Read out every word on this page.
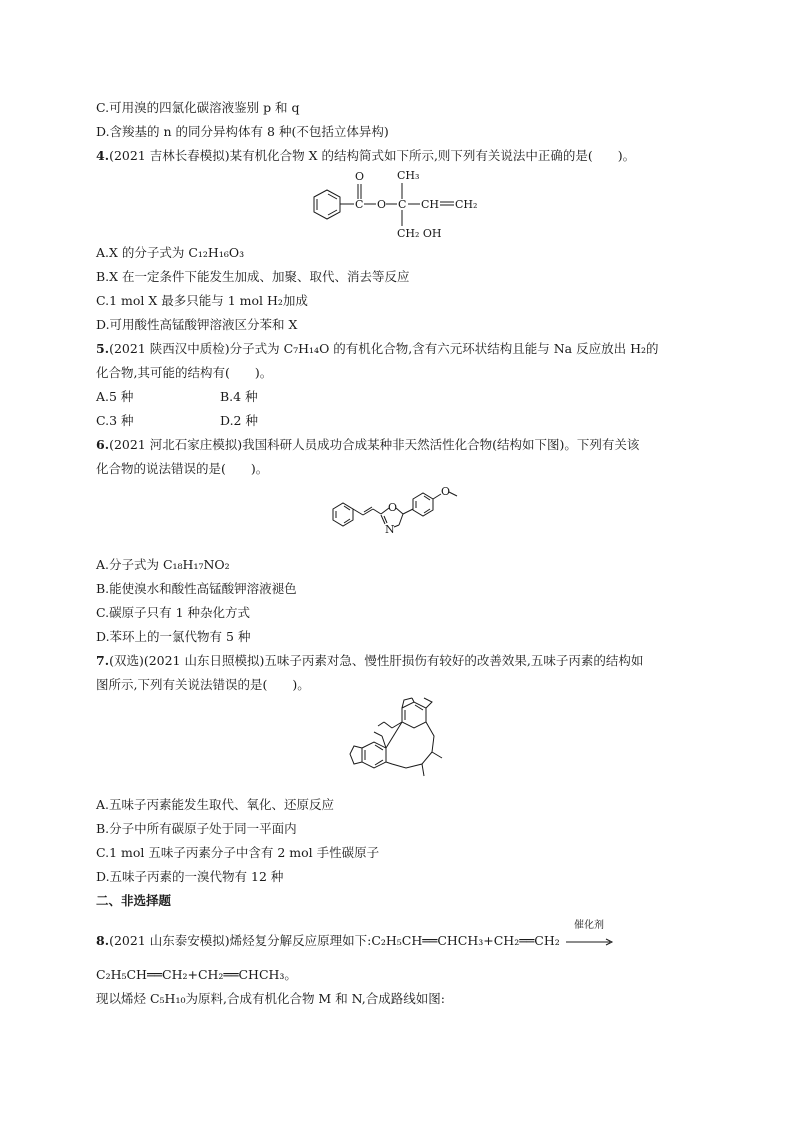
C.可用溴的四氯化碳溶液鉴别 p 和 q
D.含羧基的 n 的同分异构体有 8 种(不包括立体异构)
4.(2021 吉林长春模拟)某有机化合物 X 的结构简式如下所示,则下列有关说法中正确的是(　　)。
C
O
O C
CH₃
CH₂ OH
CH CH₂
A.X 的分子式为 C₁₂H₁₆O₃
B.X 在一定条件下能发生加成、加聚、取代、消去等反应
C.1 mol X 最多只能与 1 mol H₂加成
D.可用酸性高锰酸钾溶液区分苯和 X
5.(2021 陕西汉中质检)分子式为 C₇H₁₄O 的有机化合物,含有六元环状结构且能与 Na 反应放出 H₂的
化合物,其可能的结构有(　　)。
A.5 种	B.4 种
C.3 种	D.2 种
6.(2021 河北石家庄模拟)我国科研人员成功合成某种非天然活性化合物(结构如下图)。下列有关该
化合物的说法错误的是(　　)。
O
N
O
A.分子式为 C₁₈H₁₇NO₂
B.能使溴水和酸性高锰酸钾溶液褪色
C.碳原子只有 1 种杂化方式
D.苯环上的一氯代物有 5 种
7.(双选)(2021 山东日照模拟)五味子丙素对急、慢性肝损伤有较好的改善效果,五味子丙素的结构如
图所示,下列有关说法错误的是(　　)。
A.五味子丙素能发生取代、氧化、还原反应
B.分子中所有碳原子处于同一平面内
C.1 mol 五味子丙素分子中含有 2 mol 手性碳原子
D.五味子丙素的一溴代物有 12 种
二、非选择题
8.(2021 山东泰安模拟)烯烃复分解反应原理如下:C₂H₅CH══CHCH₃+CH₂══CH₂
催化剂
C₂H₅CH══CH₂+CH₂══CHCH₃。
现以烯烃 C₅H₁₀为原料,合成有机化合物 M 和 N,合成路线如图:
